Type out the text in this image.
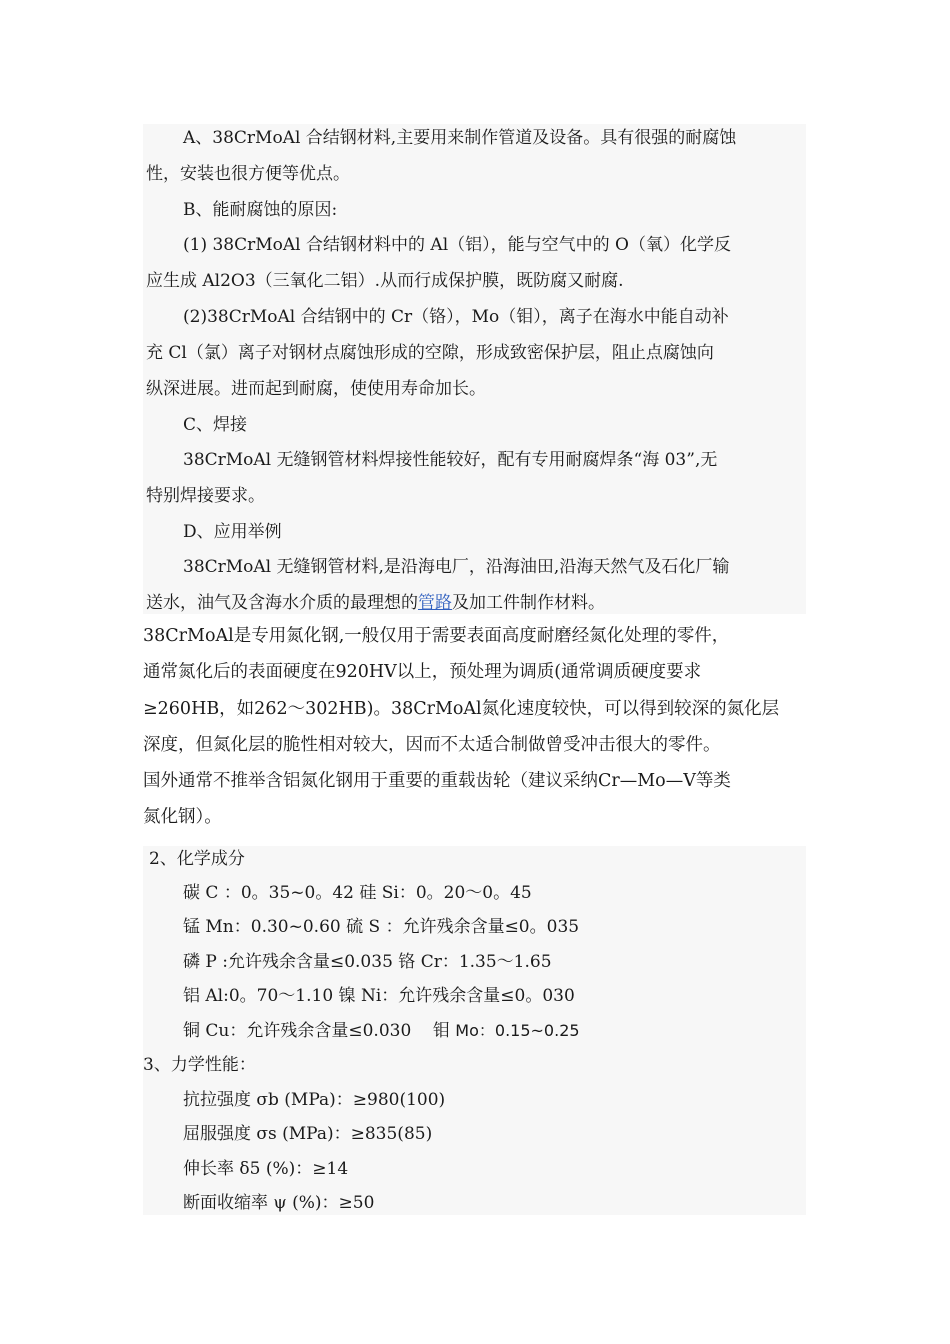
A、38CrMoAl 合结钢材料,主要用来制作管道及设备。具有很强的耐腐蚀
性，安装也很方便等优点。
B、能耐腐蚀的原因:
(1) 38CrMoAl 合结钢材料中的 Al（铝），能与空气中的 O（氧）化学反
应生成 Al2O3（三氧化二铝）.从而行成保护膜，既防腐又耐腐.
(2)38CrMoAl 合结钢中的 Cr（铬），Mo（钼），离子在海水中能自动补
充 Cl（氯）离子对钢材点腐蚀形成的空隙，形成致密保护层，阻止点腐蚀向
纵深进展。进而起到耐腐，使使用寿命加长。
C、焊接
38CrMoAl 无缝钢管材料焊接性能较好，配有专用耐腐焊条“海 03”,无
特别焊接要求。
D、应用举例
38CrMoAl 无缝钢管材料,是沿海电厂，沿海油田,沿海天然气及石化厂输
送水，油气及含海水介质的最理想的管路及加工件制作材料。
38CrMoAl是专用氮化钢,一般仅用于需要表面高度耐磨经氮化处理的零件，
通常氮化后的表面硬度在920HV以上，预处理为调质(通常调质硬度要求
≥260HB，如262～302HB)。38CrMoAl氮化速度较快，可以得到较深的氮化层
深度，但氮化层的脆性相对较大，因而不太适合制做曾受冲击很大的零件。
国外通常不推举含铝氮化钢用于重要的重载齿轮（建议采纳Cr—Mo—V等类
氮化钢）。
2、化学成分
碳 C ：0。35~0。42 硅 Si：0。20～0。45
锰 Mn：0.30~0.60 硫 S ：允许残余含量≤0。035
磷 P :允许残余含量≤0.035 铬 Cr：1.35～1.65
铝 Al:0。70～1.10 镍 Ni：允许残余含量≤0。030
铜 Cu：允许残余含量≤0.030    钼 Mo：0.15~0.25
3、力学性能：
抗拉强度 σb (MPa)：≥980(100)
屈服强度 σs (MPa)：≥835(85)
伸长率 δ5 (%)：≥14
断面收缩率 ψ (%)：≥50
